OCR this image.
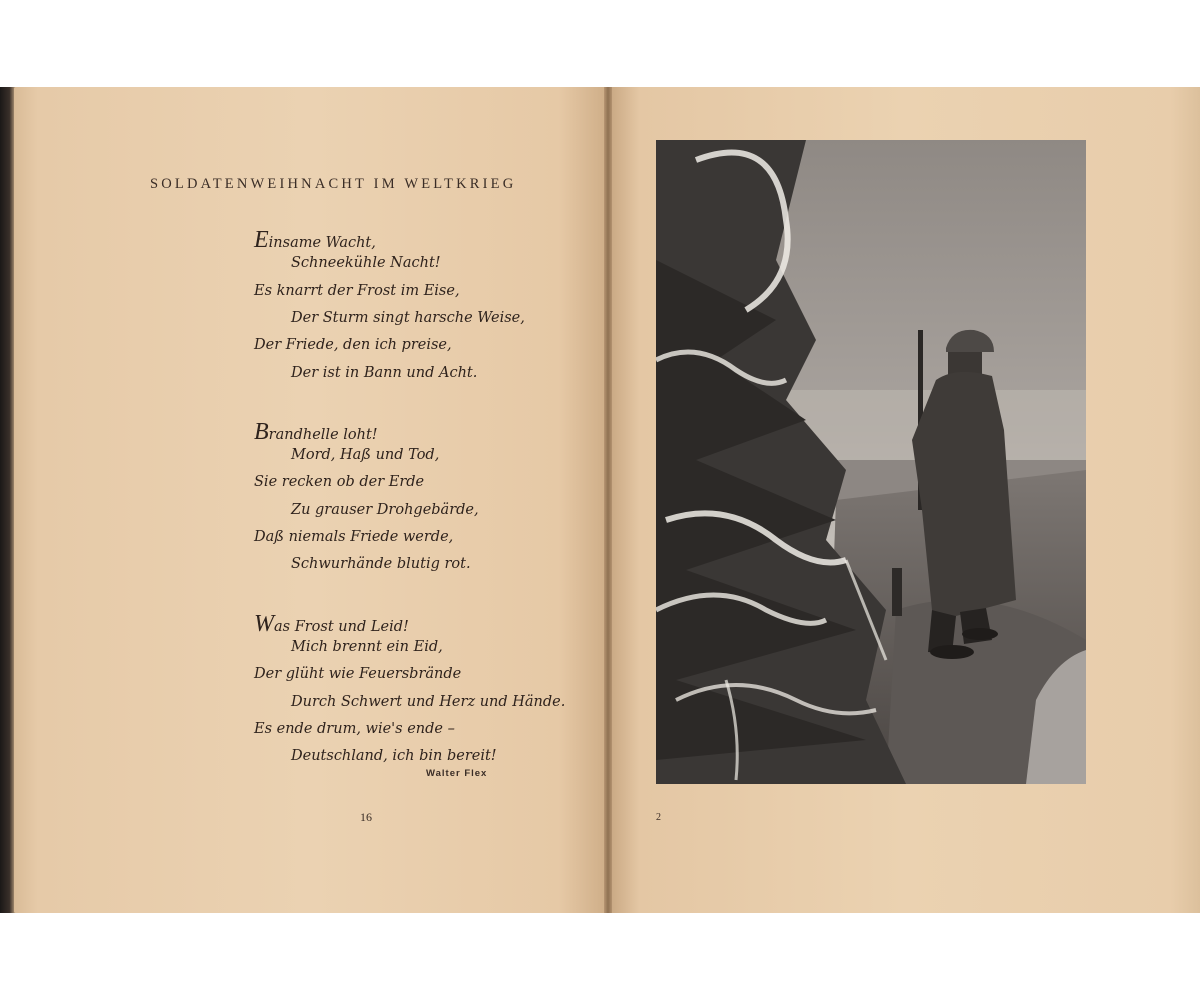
SOLDATENWEIHNACHT IM WELTKRIEG
Einsame Wacht,
Schneekühle Nacht!
Es knarrt der Frost im Eise,
Der Sturm singt harsche Weise,
Der Friede, den ich preise,
Der ist in Bann und Acht.
Brandhelle loht!
Mord, Haß und Tod,
Sie recken ob der Erde
Zu grauser Drohgebärde,
Daß niemals Friede werde,
Schwurhände blutig rot.
Was Frost und Leid!
Mich brennt ein Eid,
Der glüht wie Feuersbrände
Durch Schwert und Herz und Hände.
Es ende drum, wie's ende –
Deutschland, ich bin bereit!
Walter Flex
16	2
